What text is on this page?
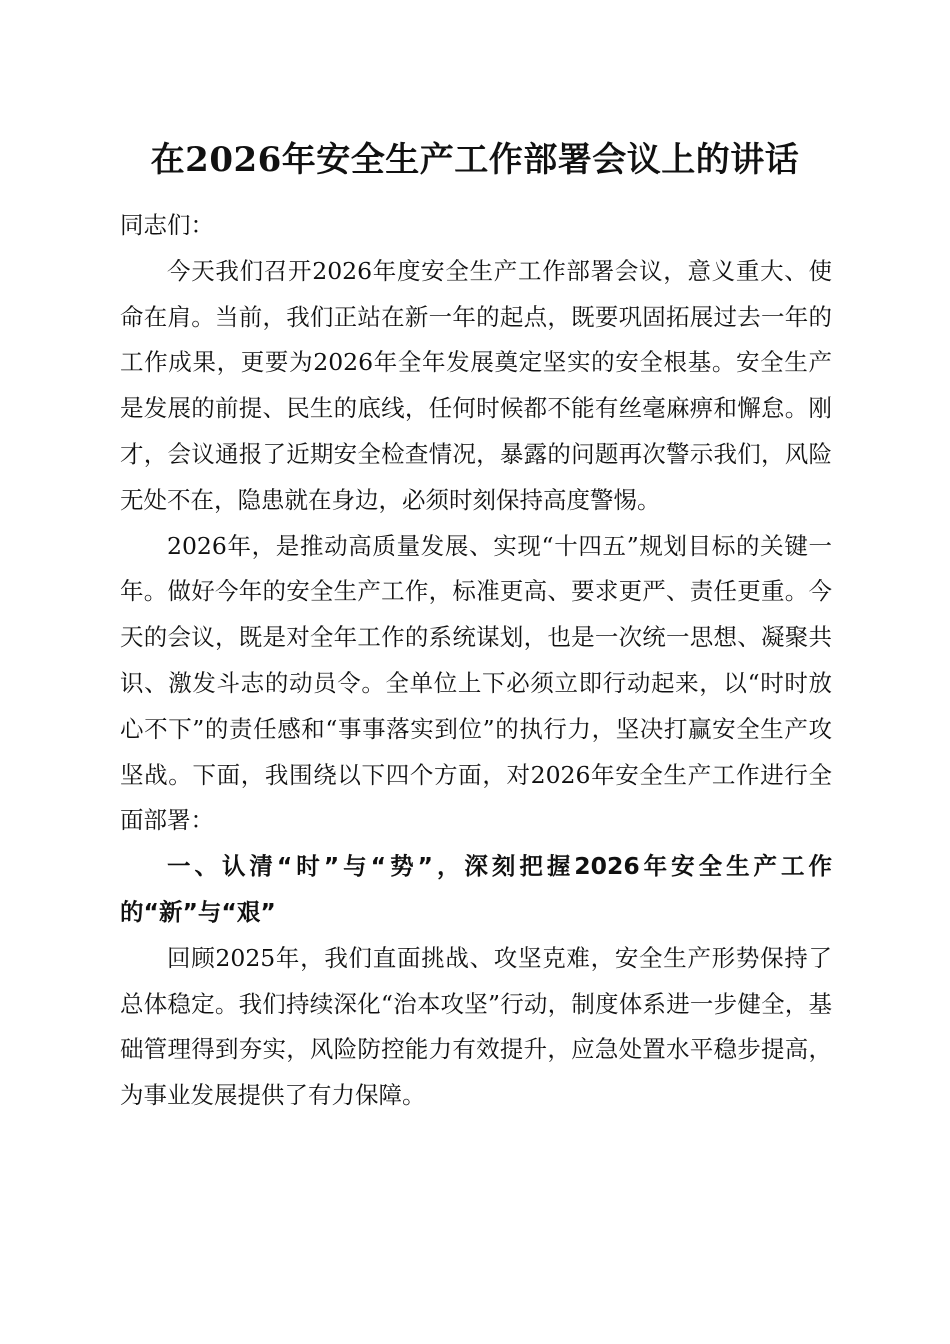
在2026年安全生产工作部署会议上的讲话

同志们：

今天我们召开2026年度安全生产工作部署会议，意义重大、使命在肩。当前，我们正站在新一年的起点，既要巩固拓展过去一年的工作成果，更要为2026年全年发展奠定坚实的安全根基。安全生产是发展的前提、民生的底线，任何时候都不能有丝毫麻痹和懈怠。刚才，会议通报了近期安全检查情况，暴露的问题再次警示我们，风险无处不在，隐患就在身边，必须时刻保持高度警惕。

2026年，是推动高质量发展、实现“十四五”规划目标的关键一年。做好今年的安全生产工作，标准更高、要求更严、责任更重。今天的会议，既是对全年工作的系统谋划，也是一次统一思想、凝聚共识、激发斗志的动员令。全单位上下必须立即行动起来，以“时时放心不下”的责任感和“事事落实到位”的执行力，坚决打赢安全生产攻坚战。下面，我围绕以下四个方面，对2026年安全生产工作进行全面部署：

一、认清“时”与“势”，深刻把握2026年安全生产工作的“新”与“艰”

回顾2025年，我们直面挑战、攻坚克难，安全生产形势保持了总体稳定。我们持续深化“治本攻坚”行动，制度体系进一步健全，基础管理得到夯实，风险防控能力有效提升，应急处置水平稳步提高，为事业发展提供了有力保障。
